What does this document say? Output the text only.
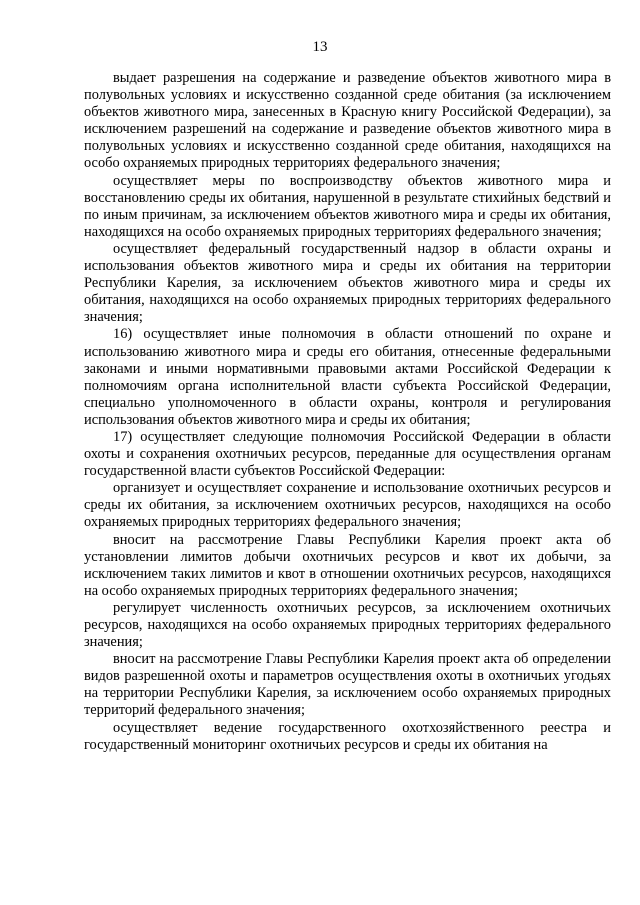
13

выдает разрешения на содержание и разведение объектов животного мира в полувольных условиях и искусственно созданной среде обитания (за исключением объектов животного мира, занесенных в Красную книгу Российской Федерации), за исключением разрешений на содержание и разведение объектов животного мира в полувольных условиях и искусственно созданной среде обитания, находящихся на особо охраняемых природных территориях федерального значения;

осуществляет меры по воспроизводству объектов животного мира и восстановлению среды их обитания, нарушенной в результате стихийных бедствий и по иным причинам, за исключением объектов животного мира и среды их обитания, находящихся на особо охраняемых природных территориях федерального значения;

осуществляет федеральный государственный надзор в области охраны и использования объектов животного мира и среды их обитания на территории Республики Карелия, за исключением объектов животного мира и среды их обитания, находящихся на особо охраняемых природных территориях федерального значения;

16) осуществляет иные полномочия в области отношений по охране и использованию животного мира и среды его обитания, отнесенные федеральными законами и иными нормативными правовыми актами Российской Федерации к полномочиям органа исполнительной власти субъекта Российской Федерации, специально уполномоченного в области охраны, контроля и регулирования использования объектов животного мира и среды их обитания;

17) осуществляет следующие полномочия Российской Федерации в области охоты и сохранения охотничьих ресурсов, переданные для осуществления органам государственной власти субъектов Российской Федерации:

организует и осуществляет сохранение и использование охотничьих ресурсов и среды их обитания, за исключением охотничьих ресурсов, находящихся на особо охраняемых природных территориях федерального значения;

вносит на рассмотрение Главы Республики Карелия проект акта об установлении лимитов добычи охотничьих ресурсов и квот их добычи, за исключением таких лимитов и квот в отношении охотничьих ресурсов, находящихся на особо охраняемых природных территориях федерального значения;

регулирует численность охотничьих ресурсов, за исключением охотничьих ресурсов, находящихся на особо охраняемых природных территориях федерального значения;

вносит на рассмотрение Главы Республики Карелия проект акта об определении видов разрешенной охоты и параметров осуществления охоты в охотничьих угодьях на территории Республики Карелия, за исключением особо охраняемых природных территорий федерального значения;

осуществляет ведение государственного охотхозяйственного реестра и государственный мониторинг охотничьих ресурсов и среды их обитания на
